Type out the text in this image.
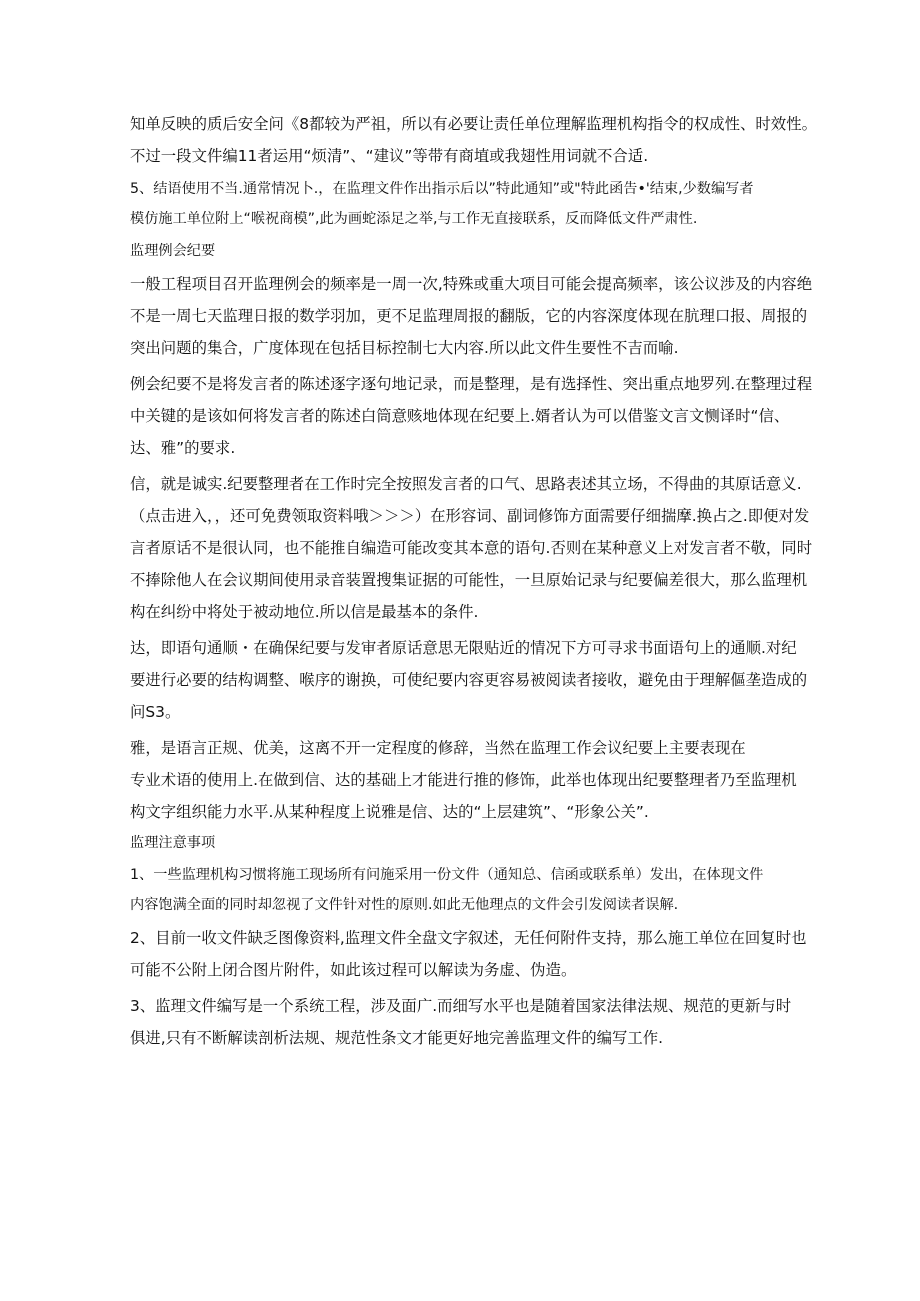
知单反映的质后安全问《8都较为严祖，所以有必要让责任单位理解监理机构指令的权成性、时效性。
不过一段文件编11者运用“烦清”、“建议”等带有商埴或我翅性用词就不合适.
5、结语使用不当.通常情况卜.，在监理文件作出指示后以”特此通知”或"特此函告•'结束,少数编写者
模仿施工单位附上“喉祝商模”,此为画蛇添足之举,与工作无直接联系，反而降低文件严肃性.
监理例会纪要
一般工程项目召开监理例会的频率是一周一次,特殊或重大项目可能会提高频率，该公议涉及的内容绝
不是一周七天监理日报的数学羽加，更不足监理周报的翻版，它的内容深度体现在肮理口报、周报的
突出问题的集合，广度体现在包括目标控制七大内容.所以此文件生要性不吉而喻.
例会纪要不是将发言者的陈述逐字逐句地记录，而是整理，是有选择性、突出重点地罗列.在整理过程
中关键的是该如何将发言者的陈述白筒意赅地体现在纪要上.婿者认为可以借鉴文言文恻译时“信、
达、雅”的要求.
信，就是诚实.纪要整理者在工作时完全按照发言者的口气、思路表述其立场，不得曲的其原话意义.
（点击进入，，还可免费领取资料哦＞＞＞）在形容词、副词修饰方面需要仔细揣摩.换占之.即便对发
言者原话不是很认同，也不能推自编造可能改变其本意的语句.否则在某种意义上对发言者不敬，同时
不捧除他人在会议期间使用录音装置搜集证据的可能性，一旦原始记录与纪要偏差很大，那么监理机
构在纠纷中将处于被动地位.所以信是最基本的条件.
达，即语句通顺・在确保纪要与发审者原话意思无限贴近的情况下方可寻求书面语句上的通顺.对纪
要进行必要的结构调整、喉序的谢换，可使纪要内容更容易被阅读者接收，避免由于理解傴垄造成的
问S3。
雅，是语言正规、优美，这离不开一定程度的修辞，当然在监理工作会议纪要上主要表现在
专业术语的使用上.在做到信、达的基础上才能进行推的修饰，此举也体现出纪要整理者乃至监理机
构文字组织能力水平.从某种程度上说雅是信、达的“上层建筑”、“形象公关”.
监理注意事项
1、一些监理机构习惯将施工现场所有问施采用一份文件（通知总、信函或联系单）发出，在体现文件
内容饱满全面的同时却忽视了文件针对性的原则.如此无他理点的文件会引发阅读者误解.
2、目前一收文件缺乏图像资料,监理文件全盘文字叙述，无任何附件支持，那么施工单位在回复时也
可能不公附上闭合图片附件，如此该过程可以解读为务虚、伪造。
3、监理文件编写是一个系统工程，涉及面广.而细写水平也是随着国家法律法规、规范的更新与时
俱进,只有不断解读剖析法规、规范性条文才能更好地完善监理文件的编写工作.
